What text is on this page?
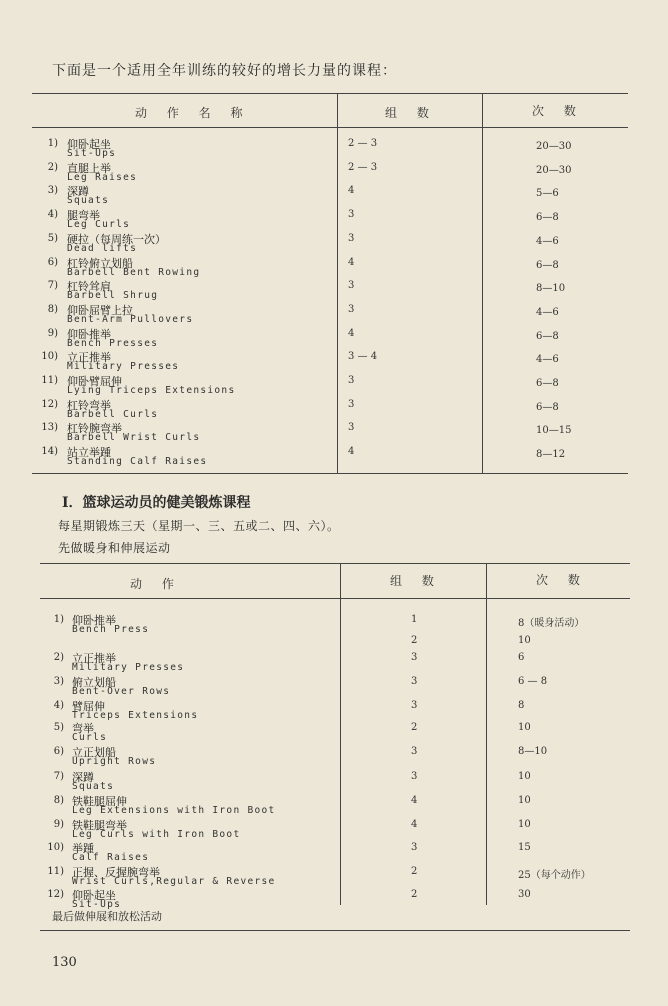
下面是一个适用全年训练的较好的增长力量的课程：
动 作 名 称	组 数	次 数
1) 仰卧起坐
Sit-Ups
2 — 3	20—30
2) 直腿上举
Leg Raises
2 — 3	20—30
3) 深蹲
Squats
4	5—6
4) 腿弯举
Leg Curls
3	6—8
5) 硬拉（每周练一次）
Dead lifts
3	4—6
6) 杠铃俯立划船
Barbell Bent Rowing
4	6—8
7) 杠铃耸肩
Barbell Shrug
3	8—10
8) 仰卧屈臂上拉
Bent-Arm Pullovers
3	4—6
9) 仰卧推举
Bench Presses
4	6—8
10) 立正推举
Military Presses
3 — 4	4—6
11) 仰卧臂屈伸
Lying Triceps Extensions
3	6—8
12) 杠铃弯举
Barbell Curls
3	6—8
13) 杠铃腕弯举
Barbell Wrist Curls
3	10—15
14) 站立举踵
Standing Calf Raises
4	8—12
Ⅰ．篮球运动员的健美锻炼课程
每星期锻炼三天（星期一、三、五或二、四、六）。
先做暖身和伸展运动
动 作	组 数	次 数
1) 仰卧推举
Bench Press
1	8（暖身活动）
2	10
2) 立正推举
Military Presses
3	6
3) 俯立划船
Bent-Over Rows
3	6 — 8
4) 臂屈伸
Triceps Extensions
3	8
5) 弯举
Curls
2	10
6) 立正划船
Upright Rows
3	8—10
7) 深蹲
Squats
3	10
8) 铁鞋腿屈伸
Leg Extensions with Iron Boot
4	10
9) 铁鞋腿弯举
Leg Curls with Iron Boot
4	10
10) 举踵
Calf Raises
3	15
11) 正握、反握腕弯举
Wrist Curls,Regular & Reverse
2	25（每个动作）
12) 仰卧起坐
Sit-Ups
2	30
最后做伸展和放松活动
130
